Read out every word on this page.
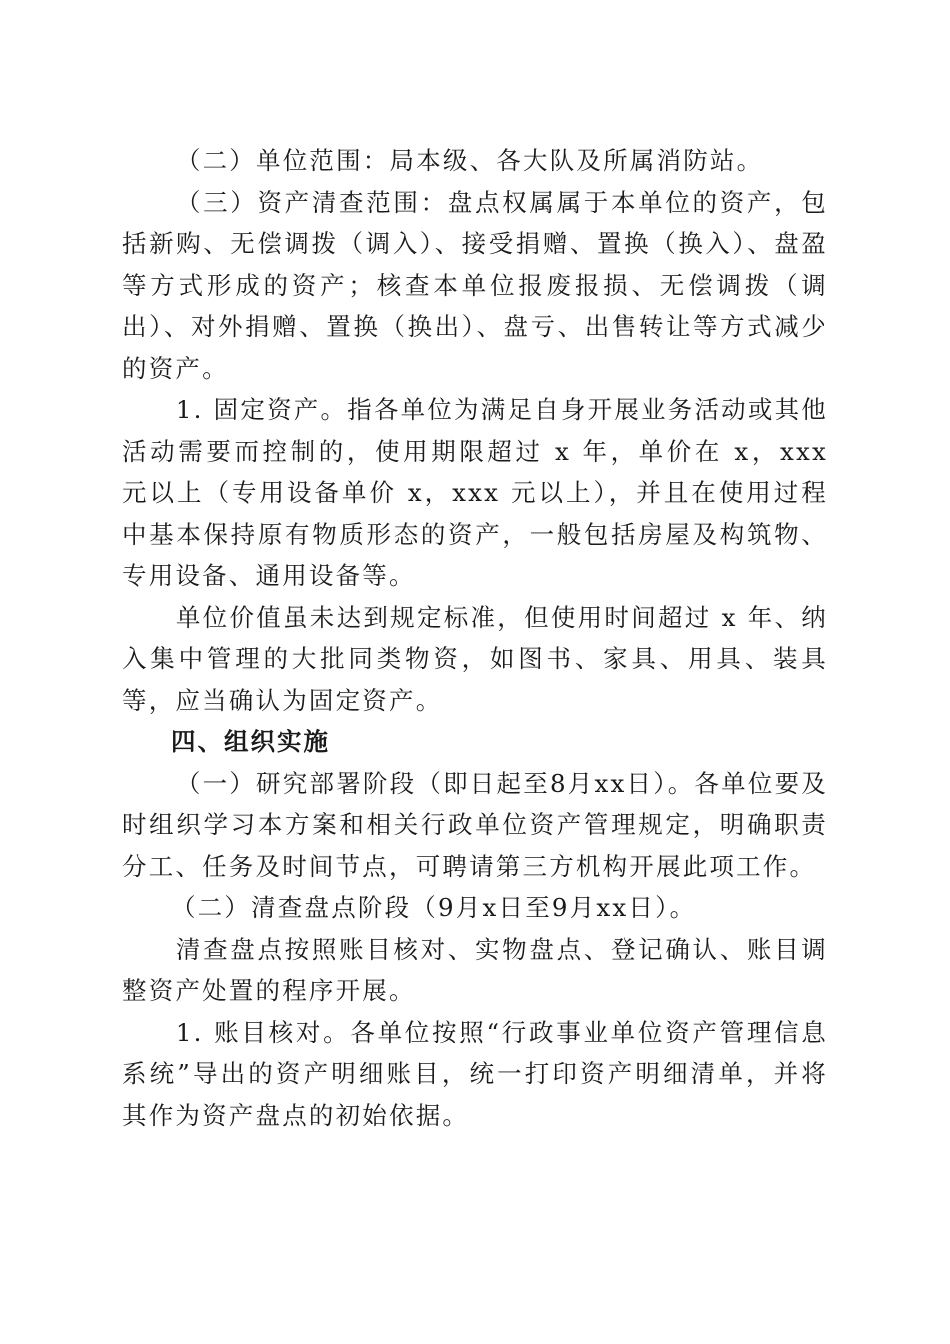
（二）单位范围：局本级、各大队及所属消防站。

（三）资产清查范围：盘点权属属于本单位的资产，包括新购、无偿调拨（调入）、接受捐赠、置换（换入）、盘盈等方式形成的资产；核查本单位报废报损、无偿调拨（调出）、对外捐赠、置换（换出）、盘亏、出售转让等方式减少的资产。

1. 固定资产。指各单位为满足自身开展业务活动或其他活动需要而控制的，使用期限超过 x 年，单价在 x，xxx 元以上（专用设备单价 x，xxx 元以上），并且在使用过程中基本保持原有物质形态的资产，一般包括房屋及构筑物、专用设备、通用设备等。

单位价值虽未达到规定标准，但使用时间超过 x 年、纳入集中管理的大批同类物资，如图书、家具、用具、装具等，应当确认为固定资产。

四、组织实施

（一）研究部署阶段（即日起至8月xx日）。各单位要及时组织学习本方案和相关行政单位资产管理规定，明确职责分工、任务及时间节点，可聘请第三方机构开展此项工作。

（二）清查盘点阶段（9月x日至9月xx日）。

清查盘点按照账目核对、实物盘点、登记确认、账目调整资产处置的程序开展。

1. 账目核对。各单位按照“行政事业单位资产管理信息系统”导出的资产明细账目，统一打印资产明细清单，并将其作为资产盘点的初始依据。
